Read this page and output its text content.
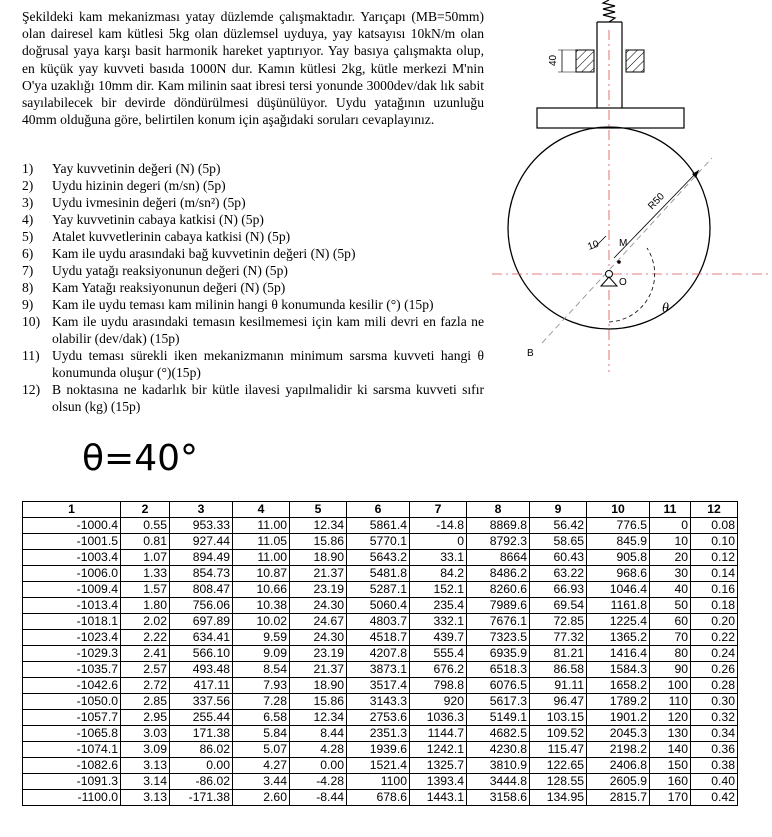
Şekildeki kam mekanizması yatay düzlemde çalışmaktadır. Yarıçapı (MB=50mm) olan dairesel kam kütlesi 5kg olan düzlemsel uyduya, yay katsayısı 10kN/m olan doğrusal yaya karşı basit harmonik hareket yaptırıyor. Yay basıya çalışmakta olup, en küçük yay kuvveti basıda 1000N dur. Kamın kütlesi 2kg, kütle merkezi M'nin O'ya uzaklığı 10mm dir. Kam milinin saat ibresi tersi yonunde 3000dev/dak lık sabit sayılabilecek bir devirde döndürülmesi düşünülüyor. Uydu yatağının uzunluğu 40mm olduğuna göre, belirtilen konum için aşağıdaki soruları cevaplayınız.
1)	Yay kuvvetinin değeri (N) (5p)
2)	Uydu hizinin degeri (m/sn) (5p)
3)	Uydu ivmesinin değeri (m/sn²) (5p)
4)	Yay kuvvetinin cabaya katkisi (N) (5p)
5)	Atalet kuvvetlerinin cabaya katkisi (N) (5p)
6)	Kam ile uydu arasındaki bağ kuvvetinin değeri (N) (5p)
7)	Uydu yatağı reaksiyonunun değeri (N) (5p)
8)	Kam Yatağı reaksiyonunun değeri (N) (5p)
9)	Kam ile uydu teması kam milinin hangi θ konumunda kesilir (°) (15p)
10) Kam ile uydu arasındaki temasın kesilmemesi için kam mili devri en fazla ne olabilir (dev/dak) (15p)
11) Uydu teması sürekli iken mekanizmanın minimum sarsma kuvveti hangi θ konumunda oluşur (°)(15p)
12) B noktasına ne kadarlık bir kütle ilavesi yapılmalidir ki sarsma kuvveti sıfır olsun (kg) (15p)
θ=40°
40
R50
10 M
O
θ
B
1	2	3	4	5	6	7	8	9	10	11	12
-1000.4	0.55	953.33	11.00	12.34	5861.4	-14.8	8869.8	56.42	776.5	0	0.08
-1001.5	0.81	927.44	11.05	15.86	5770.1	0	8792.3	58.65	845.9	10	0.10
-1003.4	1.07	894.49	11.00	18.90	5643.2	33.1	8664	60.43	905.8	20	0.12
-1006.0	1.33	854.73	10.87	21.37	5481.8	84.2	8486.2	63.22	968.6	30	0.14
-1009.4	1.57	808.47	10.66	23.19	5287.1	152.1	8260.6	66.93	1046.4	40	0.16
-1013.4	1.80	756.06	10.38	24.30	5060.4	235.4	7989.6	69.54	1161.8	50	0.18
-1018.1	2.02	697.89	10.02	24.67	4803.7	332.1	7676.1	72.85	1225.4	60	0.20
-1023.4	2.22	634.41	9.59	24.30	4518.7	439.7	7323.5	77.32	1365.2	70	0.22
-1029.3	2.41	566.10	9.09	23.19	4207.8	555.4	6935.9	81.21	1416.4	80	0.24
-1035.7	2.57	493.48	8.54	21.37	3873.1	676.2	6518.3	86.58	1584.3	90	0.26
-1042.6	2.72	417.11	7.93	18.90	3517.4	798.8	6076.5	91.11	1658.2	100	0.28
-1050.0	2.85	337.56	7.28	15.86	3143.3	920	5617.3	96.47	1789.2	110	0.30
-1057.7	2.95	255.44	6.58	12.34	2753.6	1036.3	5149.1	103.15	1901.2	120	0.32
-1065.8	3.03	171.38	5.84	8.44	2351.3	1144.7	4682.5	109.52	2045.3	130	0.34
-1074.1	3.09	86.02	5.07	4.28	1939.6	1242.1	4230.8	115.47	2198.2	140	0.36
-1082.6	3.13	0.00	4.27	0.00	1521.4	1325.7	3810.9	122.65	2406.8	150	0.38
-1091.3	3.14	-86.02	3.44	-4.28	1100	1393.4	3444.8	128.55	2605.9	160	0.40
-1100.0	3.13	-171.38	2.60	-8.44	678.6	1443.1	3158.6	134.95	2815.7	170	0.42
